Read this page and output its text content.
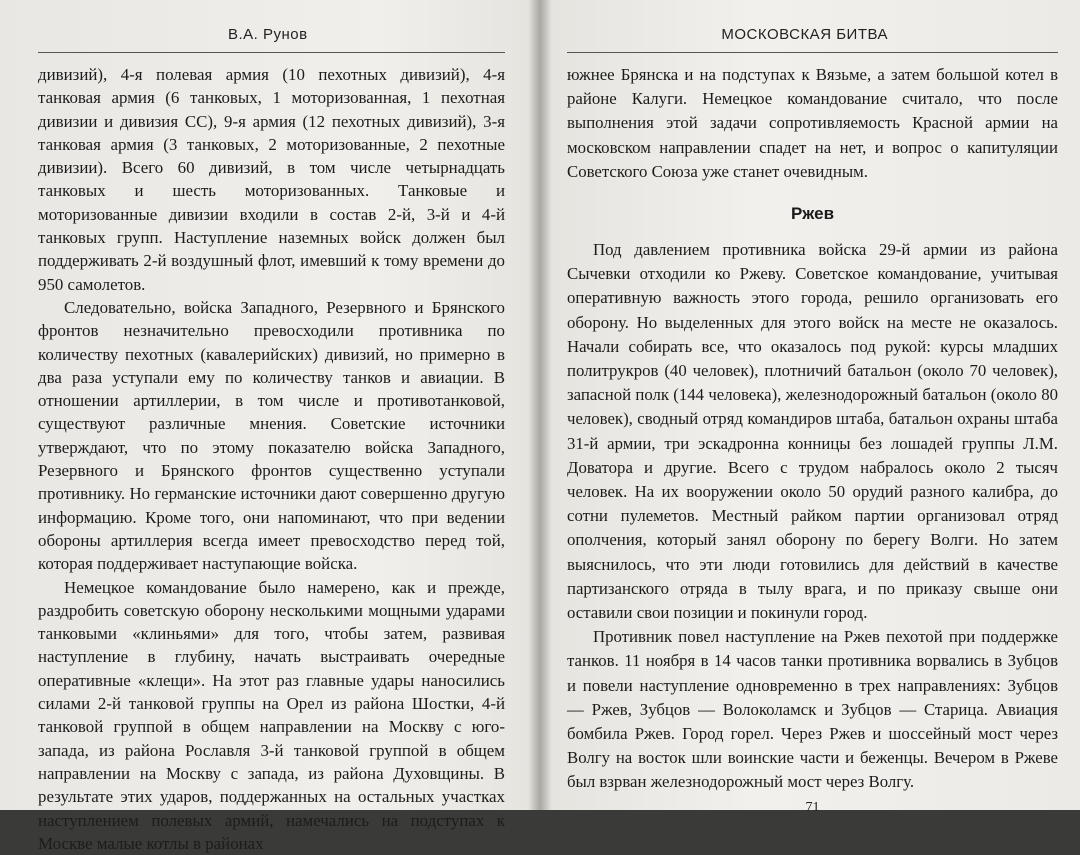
В.А. Рунов

дивизий), 4-я полевая армия (10 пехотных дивизий), 4-я танковая армия (6 танковых, 1 моторизованная, 1 пехотная дивизии и дивизия СС), 9-я армия (12 пехотных дивизий), 3-я танковая армия (3 танковых, 2 моторизованные, 2 пехотные дивизии). Всего 60 дивизий, в том числе четырнадцать танковых и шесть моторизованных. Танковые и моторизованные дивизии входили в состав 2-й, 3-й и 4-й танковых групп. Наступление наземных войск должен был поддерживать 2-й воздушный флот, имевший к тому времени до 950 самолетов.

Следовательно, войска Западного, Резервного и Брянского фронтов незначительно превосходили противника по количеству пехотных (кавалерийских) дивизий, но примерно в два раза уступали ему по количеству танков и авиации. В отношении артиллерии, в том числе и противотанковой, существуют различные мнения. Советские источники утверждают, что по этому показателю войска Западного, Резервного и Брянского фронтов существенно уступали противнику. Но германские источники дают совершенно другую информацию. Кроме того, они напоминают, что при ведении обороны артиллерия всегда имеет превосходство перед той, которая поддерживает наступающие войска.

Немецкое командование было намерено, как и прежде, раздробить советскую оборону несколькими мощными ударами танковыми «клиньями» для того, чтобы затем, развивая наступление в глубину, начать выстраивать очередные оперативные «клещи». На этот раз главные удары наносились силами 2-й танковой группы на Орел из района Шостки, 4-й танковой группой в общем направлении на Москву с юго-запада, из района Рославля 3-й танковой группой в общем направлении на Москву с запада, из района Духовщины. В результате этих ударов, поддержанных на остальных участках наступлением полевых армий, намечались на подступах к Москве малые котлы в районах

МОСКОВСКАЯ БИТВА

южнее Брянска и на подступах к Вязьме, а затем большой котел в районе Калуги. Немецкое командование считало, что после выполнения этой задачи сопротивляемость Красной армии на московском направлении спадет на нет, и вопрос о капитуляции Советского Союза уже станет очевидным.

Ржев

Под давлением противника войска 29-й армии из района Сычевки отходили ко Ржеву. Советское командование, учитывая оперативную важность этого города, решило организовать его оборону. Но выделенных для этого войск на месте не оказалось. Начали собирать все, что оказалось под рукой: курсы младших политрукров (40 человек), плотничий батальон (около 70 человек), запасной полк (144 человека), железнодорожный батальон (около 80 человек), сводный отряд командиров штаба, батальон охраны штаба 31-й армии, три эскадронна конницы без лошадей группы Л.М. Доватора и другие. Всего с трудом набралось около 2 тысяч человек. На их вооружении около 50 орудий разного калибра, до сотни пулеметов. Местный райком партии организовал отряд ополчения, который занял оборону по берегу Волги. Но затем выяснилось, что эти люди готовились для действий в качестве партизанского отряда в тылу врага, и по приказу свыше они оставили свои позиции и покинули город.

Противник повел наступление на Ржев пехотой при поддержке танков. 11 ноября в 14 часов танки противника ворвались в Зубцов и повели наступление одновременно в трех направлениях: Зубцов — Ржев, Зубцов — Волоколамск и Зубцов — Старица. Авиация бомбила Ржев. Город горел. Через Ржев и шоссейный мост через Волгу на восток шли воинские части и беженцы. Вечером в Ржеве был взрван железнодорожный мост через Волгу.

71
